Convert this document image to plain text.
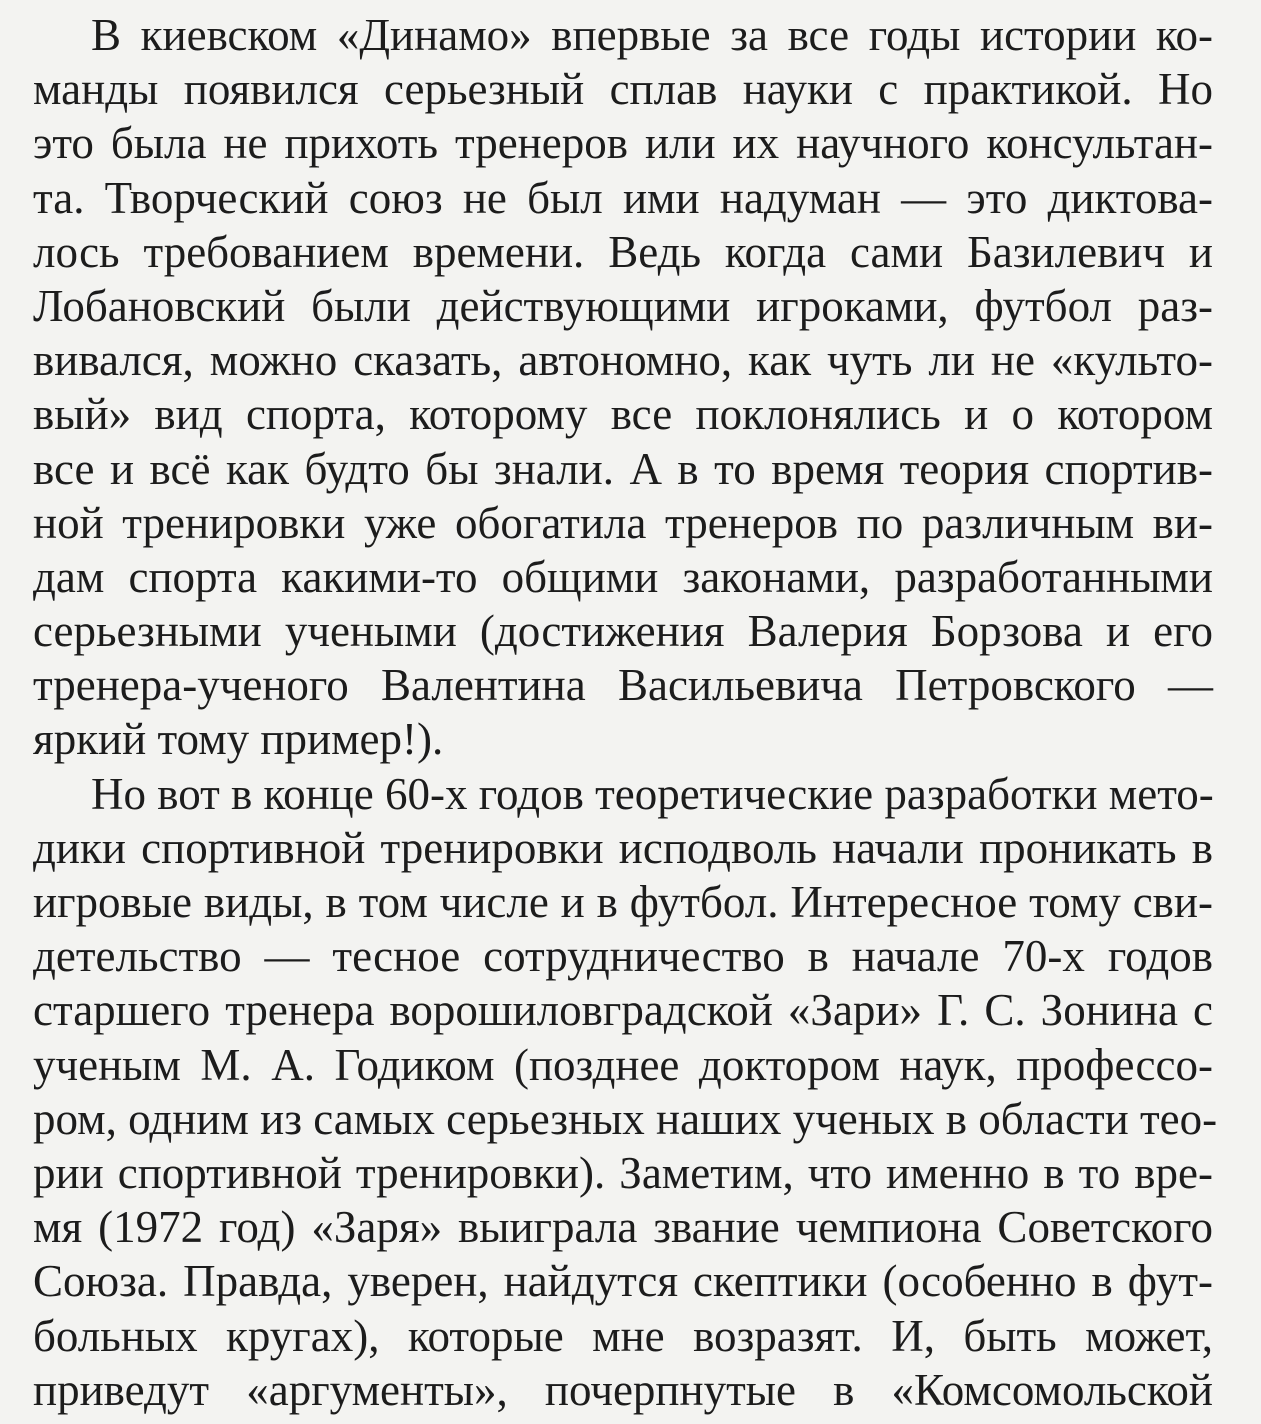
В киевском «Динамо» впервые за все годы истории ко-
манды появился серьезный сплав науки с практикой. Но
это была не прихоть тренеров или их научного консультан-
та. Творческий союз не был ими надуман — это диктова-
лось требованием времени. Ведь когда сами Базилевич и
Лобановский были действующими игроками, футбол раз-
вивался, можно сказать, автономно, как чуть ли не «культо-
вый» вид спорта, которому все поклонялись и о котором
все и всё как будто бы знали. А в то время теория спортив-
ной тренировки уже обогатила тренеров по различным ви-
дам спорта какими-то общими законами, разработанными
серьезными учеными (достижения Валерия Борзова и его
тренера-ученого Валентина Васильевича Петровского —
яркий тому пример!).
Но вот в конце 60-х годов теоретические разработки мето-
дики спортивной тренировки исподволь начали проникать в
игровые виды, в том числе и в футбол. Интересное тому сви-
детельство — тесное сотрудничество в начале 70-х годов
старшего тренера ворошиловградской «Зари» Г. С. Зонина с
ученым М. А. Годиком (позднее доктором наук, профессо-
ром, одним из самых серьезных наших ученых в области тео-
рии спортивной тренировки). Заметим, что именно в то вре-
мя (1972 год) «Заря» выиграла звание чемпиона Советского
Союза. Правда, уверен, найдутся скептики (особенно в фут-
больных кругах), которые мне возразят. И, быть может,
приведут «аргументы», почерпнутые в «Комсомольской
